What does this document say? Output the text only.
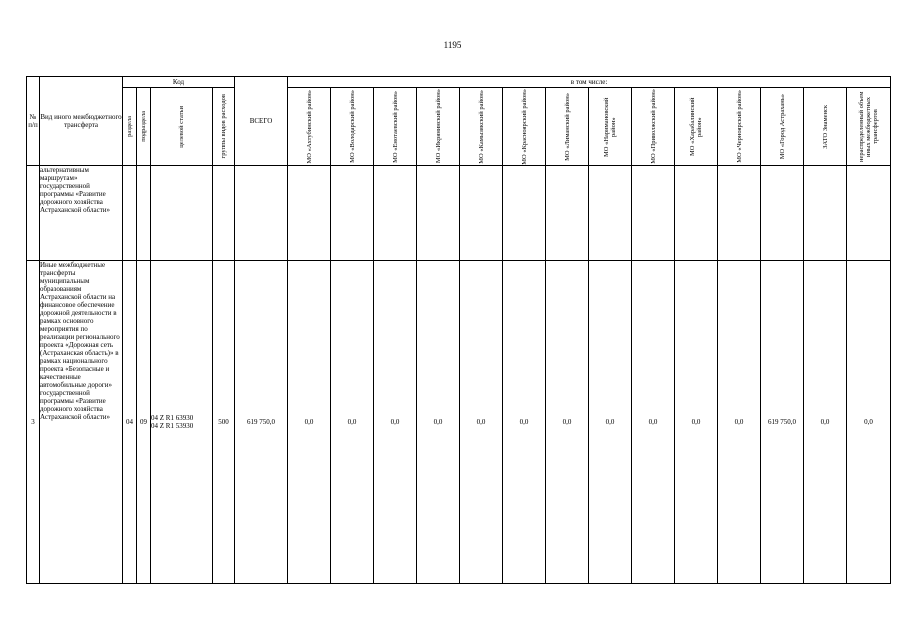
1195
№ п/п	Вид иного межбюджетного трансферта	Код				ВСЕГО	в том числе:													

		раздела	подраздела	целевой статьи	группы видов расходов		МО «Ахтубинский район»	МО «Володарский район»	МО «Енотаевский район»	МО «Икрянинский район»	МО «Камызякский район»	МО «Красноярский район»	МО «Лиманский район»	МО «Наримановский район»	МО «Приволжский район»	МО «Харабалинский район»	МО «Черноярский район»	МО «Город Астрахань»	ЗАТО Знаменск	нераспределенный объем иных межбюджетных трансфертов

	альтернативным маршрутам» государственной программы «Развитие дорожного хозяйства Астраханской области»			

3	Иные межбюджетные трансферты муниципальным образованиям Астраханской области на финансовое обеспечение дорожной деятельности в рамках основного мероприятия по реализации регионального проекта «Дорожная сеть (Астраханская область)» в рамках национального проекта «Безопасные и качественные автомобильные дороги» государственной программы «Развитие дорожного хозяйства Астраханской области»	04	09	04 Z R1 63930
04 Z R1 53930	500	619 750,0	0,0	0,0	0,0	0,0	0,0	0,0	0,0	0,0	0,0	0,0	0,0	619 750,0	0,0	0,0
